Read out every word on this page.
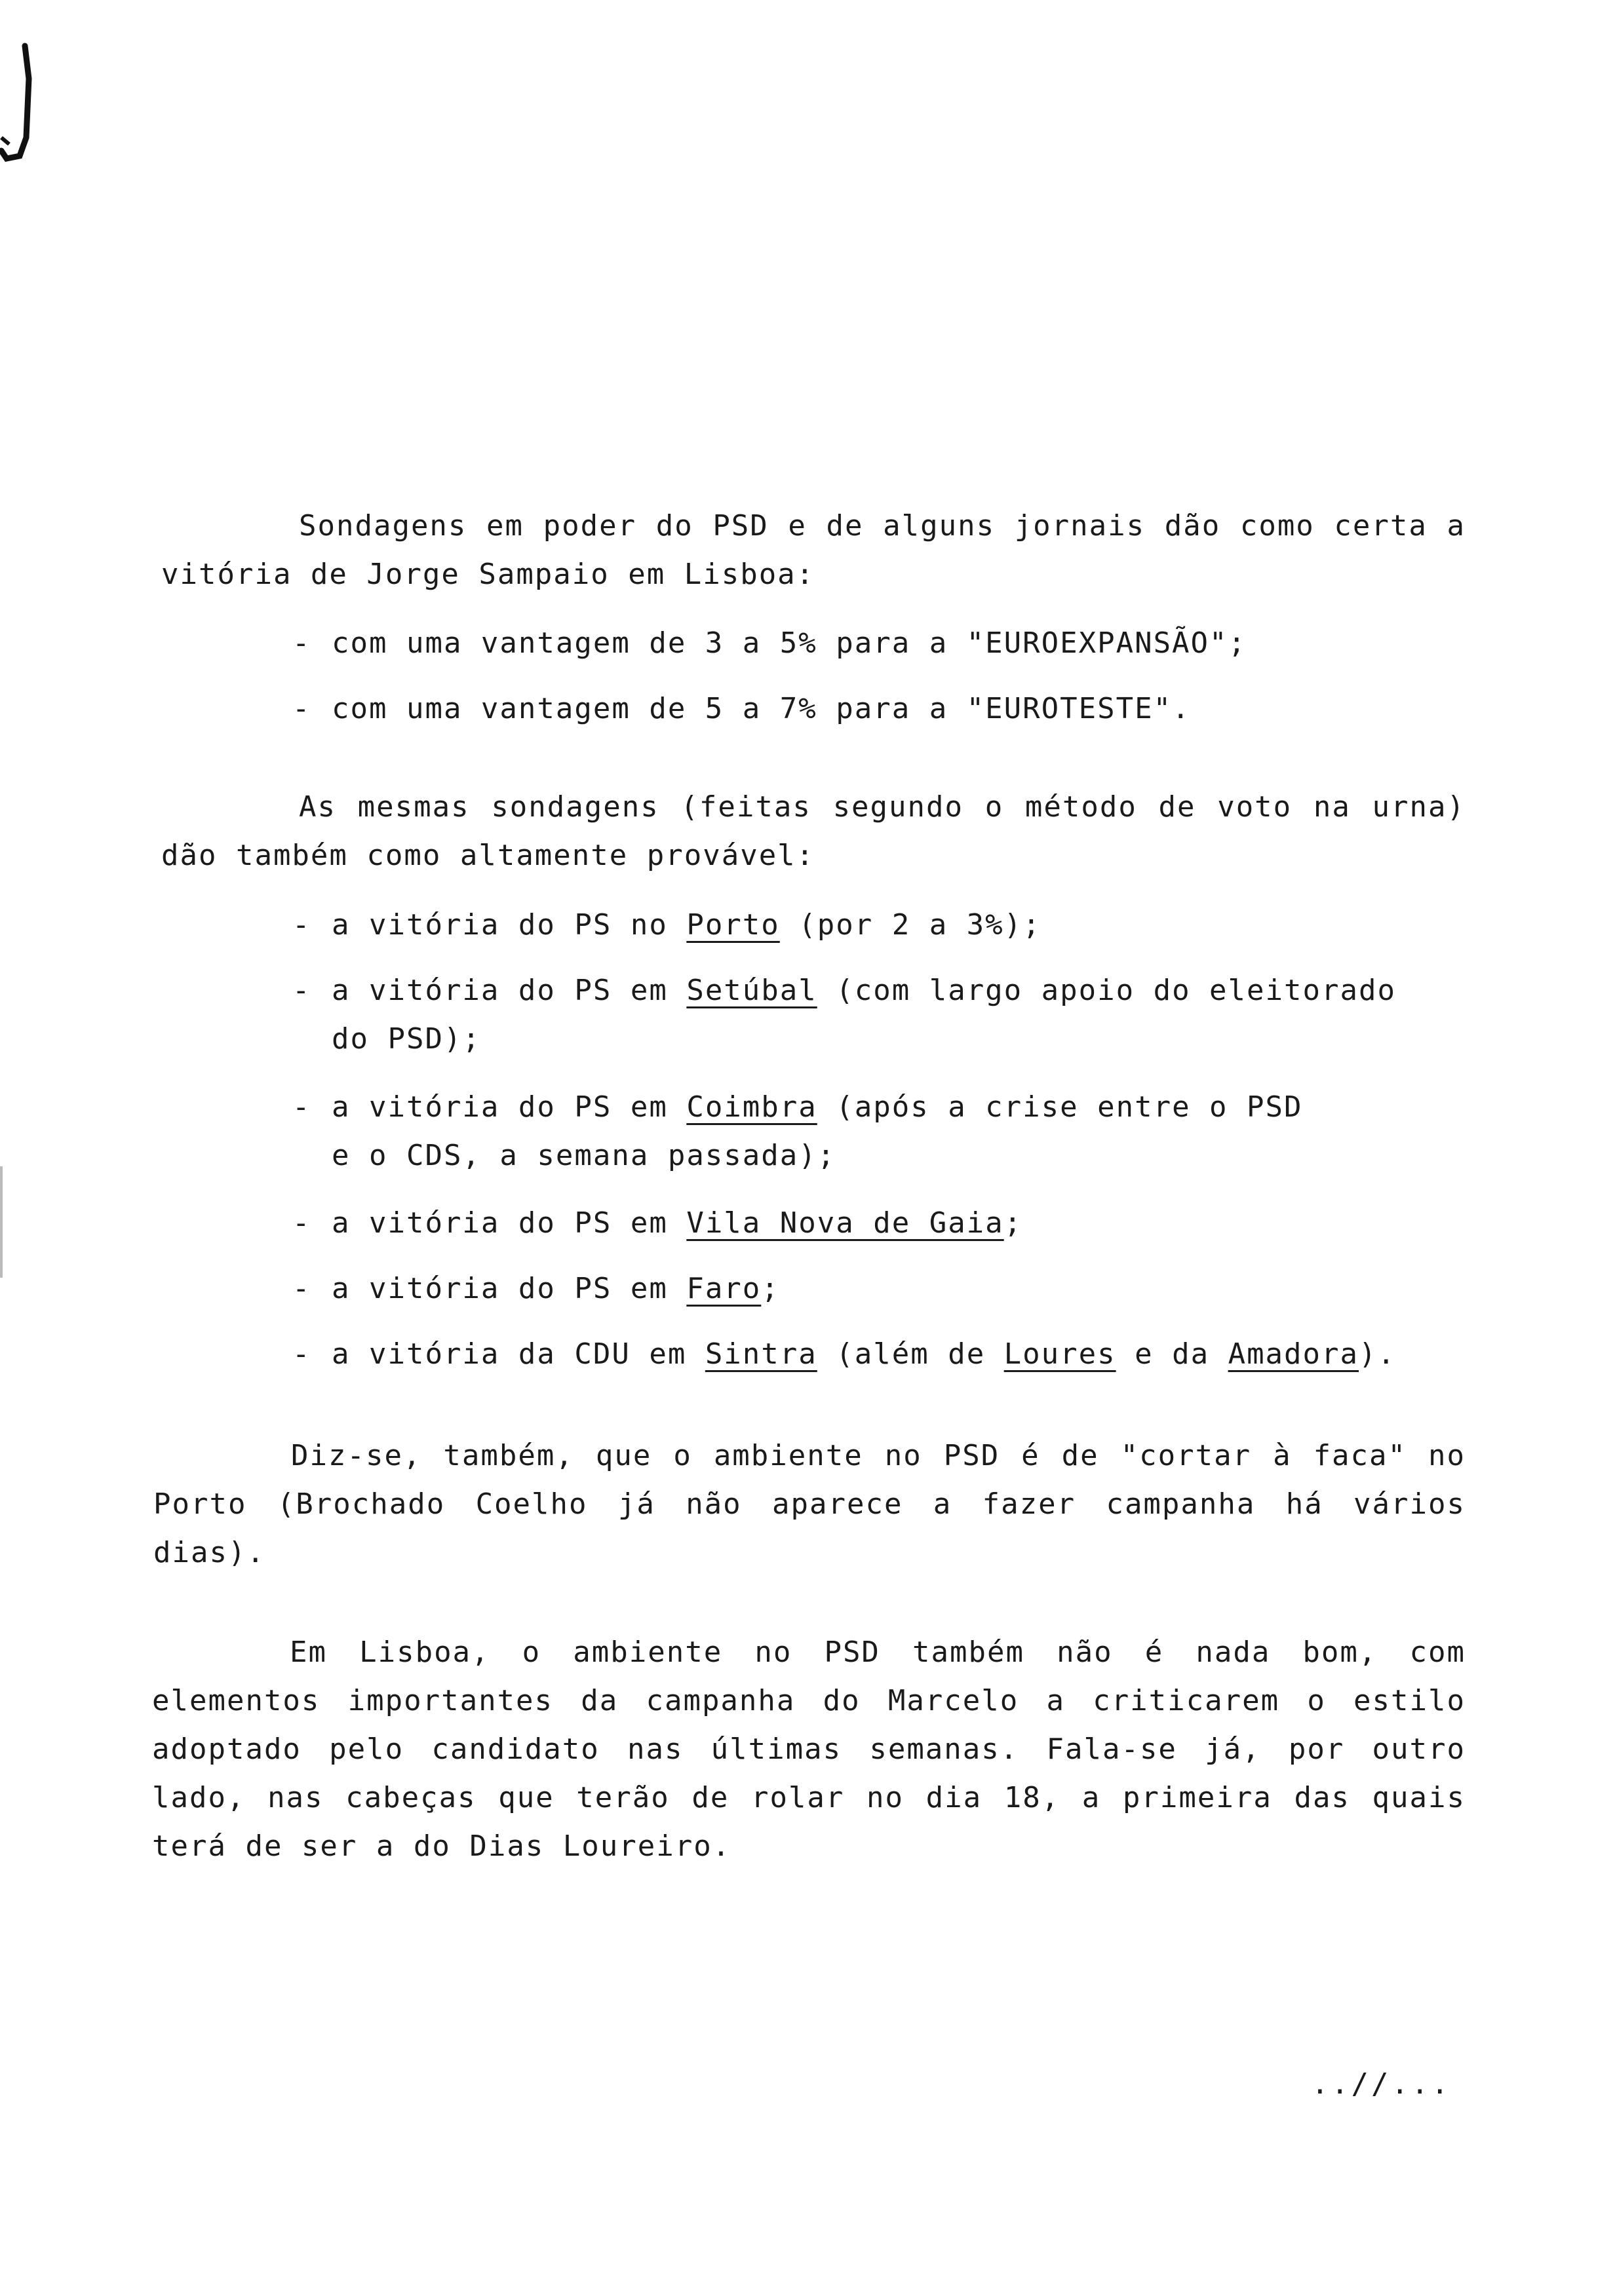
Sondagens em poder do PSD e de alguns jornais dão como certa a vitória de Jorge Sampaio em Lisboa:

- com uma vantagem de 3 a 5% para a "EUROEXPANSÃO";

- com uma vantagem de 5 a 7% para a "EUROTESTE".

As mesmas sondagens (feitas segundo o método de voto na urna) dão também como altamente provável:

- a vitória do PS no Porto (por 2 a 3%);

- a vitória do PS em Setúbal (com largo apoio do eleitorado
do PSD);

- a vitória do PS em Coimbra (após a crise entre o PSD
e o CDS, a semana passada);

- a vitória do PS em Vila Nova de Gaia;

- a vitória do PS em Faro;

- a vitória da CDU em Sintra (além de Loures e da Amadora).

Diz-se, também, que o ambiente no PSD é de "cortar à faca" no Porto (Brochado Coelho já não aparece a fazer campanha há vários dias).

Em Lisboa, o ambiente no PSD também não é nada bom, com elementos importantes da campanha do Marcelo a criticarem o estilo adoptado pelo candidato nas últimas semanas. Fala-se já, por outro lado, nas cabeças que terão de rolar no dia 18, a primeira das quais terá de ser a do Dias Loureiro.

..//...
